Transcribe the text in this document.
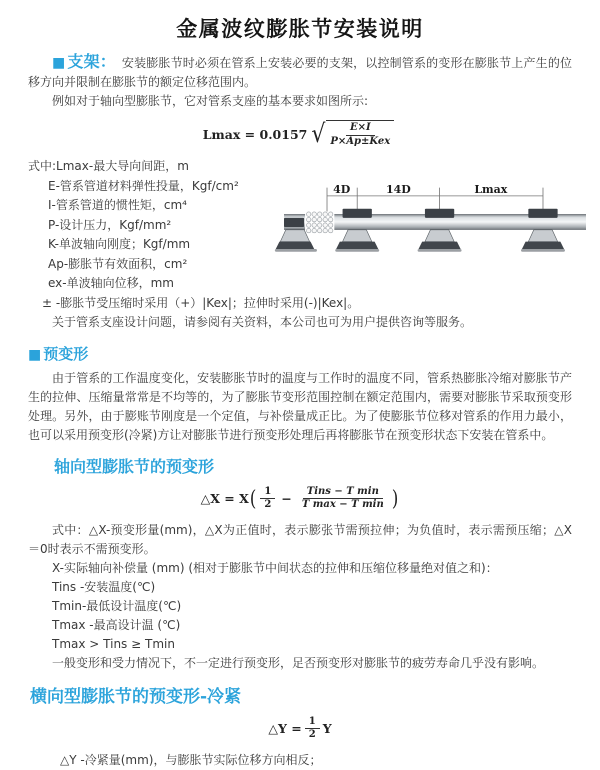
金属波纹膨胀节安装说明

■ 支架： 安装膨胀节时必须在管系上安装必要的支架，以控制管系的变形在膨胀节上产生的位移方向并限制在膨胀节的额定位移范围内。

例如对于轴向型膨胀节，它对管系支座的基本要求如图所示:

Lmax = 0.0157 √ $\frac{E\times I}{\text{P×Ap±Kex}}$
式中:Lmax-最大导向间距，m
E-管系管道材料弹性投量，Kgf/cm²
I-管系管道的惯性矩，cm⁴
P-设计压力，Kgf/mm²
K-单波轴向刚度；Kgf/mm
Ap-膨胀节有效面积，cm²
ex-单波轴向位移，mm
4D	14D	Lmax

± -膨胀节受压缩时采用（+）|Kex|；拉伸时采用(-)|Kex|。

关于管系支座设计问题，请参阅有关资料，本公司也可为用户提供咨询等服务。

■ 预变形

由于管系的工作温度变化，安装膨胀节时的温度与工作时的温度不同，管系热膨胀冷缩对膨胀节产生的拉伸、压缩量常常是不均等的，为了膨胀节变形范围控制在额定范围内，需要对膨胀节采取预变形处理。另外，由于膨账节刚度是一个定值，与补偿量成正比。为了使膨胀节位移对管系的作用力最小，也可以采用预变形(冷紧)方让对膨胀节进行预变形处理后再将膨胀节在预变形状态下安装在管系中。

轴向型膨胀节的预变形
△X = X ( $\frac{1}{2} - \frac{\text{Tins − T min}}{\text{T max − T min}}$ )

式中：△X-预变形量(mm)，△X为正值时，表示膨张节需预拉伸；为负值时，表示需预压缩；△X＝0时表示不需预变形。

X-实际轴向补偿量 (mm) (相对于膨胀节中间状态的拉伸和压缩位移量绝对值之和)：

Tins -安装温度(℃)
Tmin-最低设计温度(℃)
Tmax -最高设计温 (℃)
Tmax > Tins ≥ Tmin

一般变形和受力情况下，不一定进行预变形，足否预变形对膨胀节的疲劳寿命几乎没有影响。

横向型膨胀节的预变形-冷紧
△Y = $\frac{1}{2}$ Y

△Y -冷紧量(mm)，与膨胀节实际位移方向相反；
